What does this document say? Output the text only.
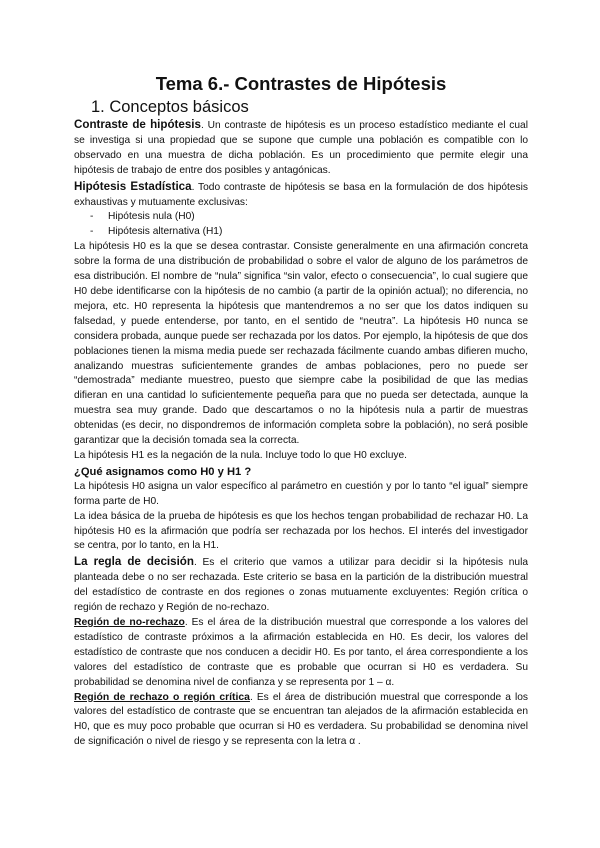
Tema 6.- Contrastes de Hipótesis
1. Conceptos básicos

Contraste de hipótesis. Un contraste de hipótesis es un proceso estadístico mediante el cual se investiga si una propiedad que se supone que cumple una población es compatible con lo observado en una muestra de dicha población. Es un procedimiento que permite elegir una hipótesis de trabajo de entre dos posibles y antagónicas.

Hipótesis Estadística. Todo contraste de hipótesis se basa en la formulación de dos hipótesis exhaustivas y mutuamente exclusivas:

- Hipótesis nula (H0)
- Hipótesis alternativa (H1)

La hipótesis H0 es la que se desea contrastar. Consiste generalmente en una afirmación concreta sobre la forma de una distribución de probabilidad o sobre el valor de alguno de los parámetros de esa distribución. El nombre de “nula” significa “sin valor, efecto o consecuencia”, lo cual sugiere que H0 debe identificarse con la hipótesis de no cambio (a partir de la opinión actual); no diferencia, no mejora, etc. H0 representa la hipótesis que mantendremos a no ser que los datos indiquen su falsedad, y puede entenderse, por tanto, en el sentido de “neutra”. La hipótesis H0 nunca se considera probada, aunque puede ser rechazada por los datos. Por ejemplo, la hipótesis de que dos poblaciones tienen la misma media puede ser rechazada fácilmente cuando ambas difieren mucho, analizando muestras suficientemente grandes de ambas poblaciones, pero no puede ser “demostrada” mediante muestreo, puesto que siempre cabe la posibilidad de que las medias difieran en una cantidad lo suficientemente pequeña para que no pueda ser detectada, aunque la muestra sea muy grande. Dado que descartamos o no la hipótesis nula a partir de muestras obtenidas (es decir, no dispondremos de información completa sobre la población), no será posible garantizar que la decisión tomada sea la correcta.

La hipótesis H1 es la negación de la nula. Incluye todo lo que H0 excluye.

¿Qué asignamos como H0 y H1 ?

La hipótesis H0 asigna un valor específico al parámetro en cuestión y por lo tanto “el igual” siempre forma parte de H0.

La idea básica de la prueba de hipótesis es que los hechos tengan probabilidad de rechazar H0. La hipótesis H0 es la afirmación que podría ser rechazada por los hechos. El interés del investigador se centra, por lo tanto, en la H1.

La regla de decisión. Es el criterio que vamos a utilizar para decidir si la hipótesis nula planteada debe o no ser rechazada. Este criterio se basa en la partición de la distribución muestral del estadístico de contraste en dos regiones o zonas mutuamente excluyentes: Región crítica o región de rechazo y Región de no-rechazo.

Región de no-rechazo. Es el área de la distribución muestral que corresponde a los valores del estadístico de contraste próximos a la afirmación establecida en H0. Es decir, los valores del estadístico de contraste que nos conducen a decidir H0. Es por tanto, el área correspondiente a los valores del estadístico de contraste que es probable que ocurran si H0 es verdadera. Su probabilidad se denomina nivel de confianza y se representa por 1 – α.

Región de rechazo o región crítica. Es el área de distribución muestral que corresponde a los valores del estadístico de contraste que se encuentran tan alejados de la afirmación establecida en H0, que es muy poco probable que ocurran si H0 es verdadera. Su probabilidad se denomina nivel de significación o nivel de riesgo y se representa con la letra α .
